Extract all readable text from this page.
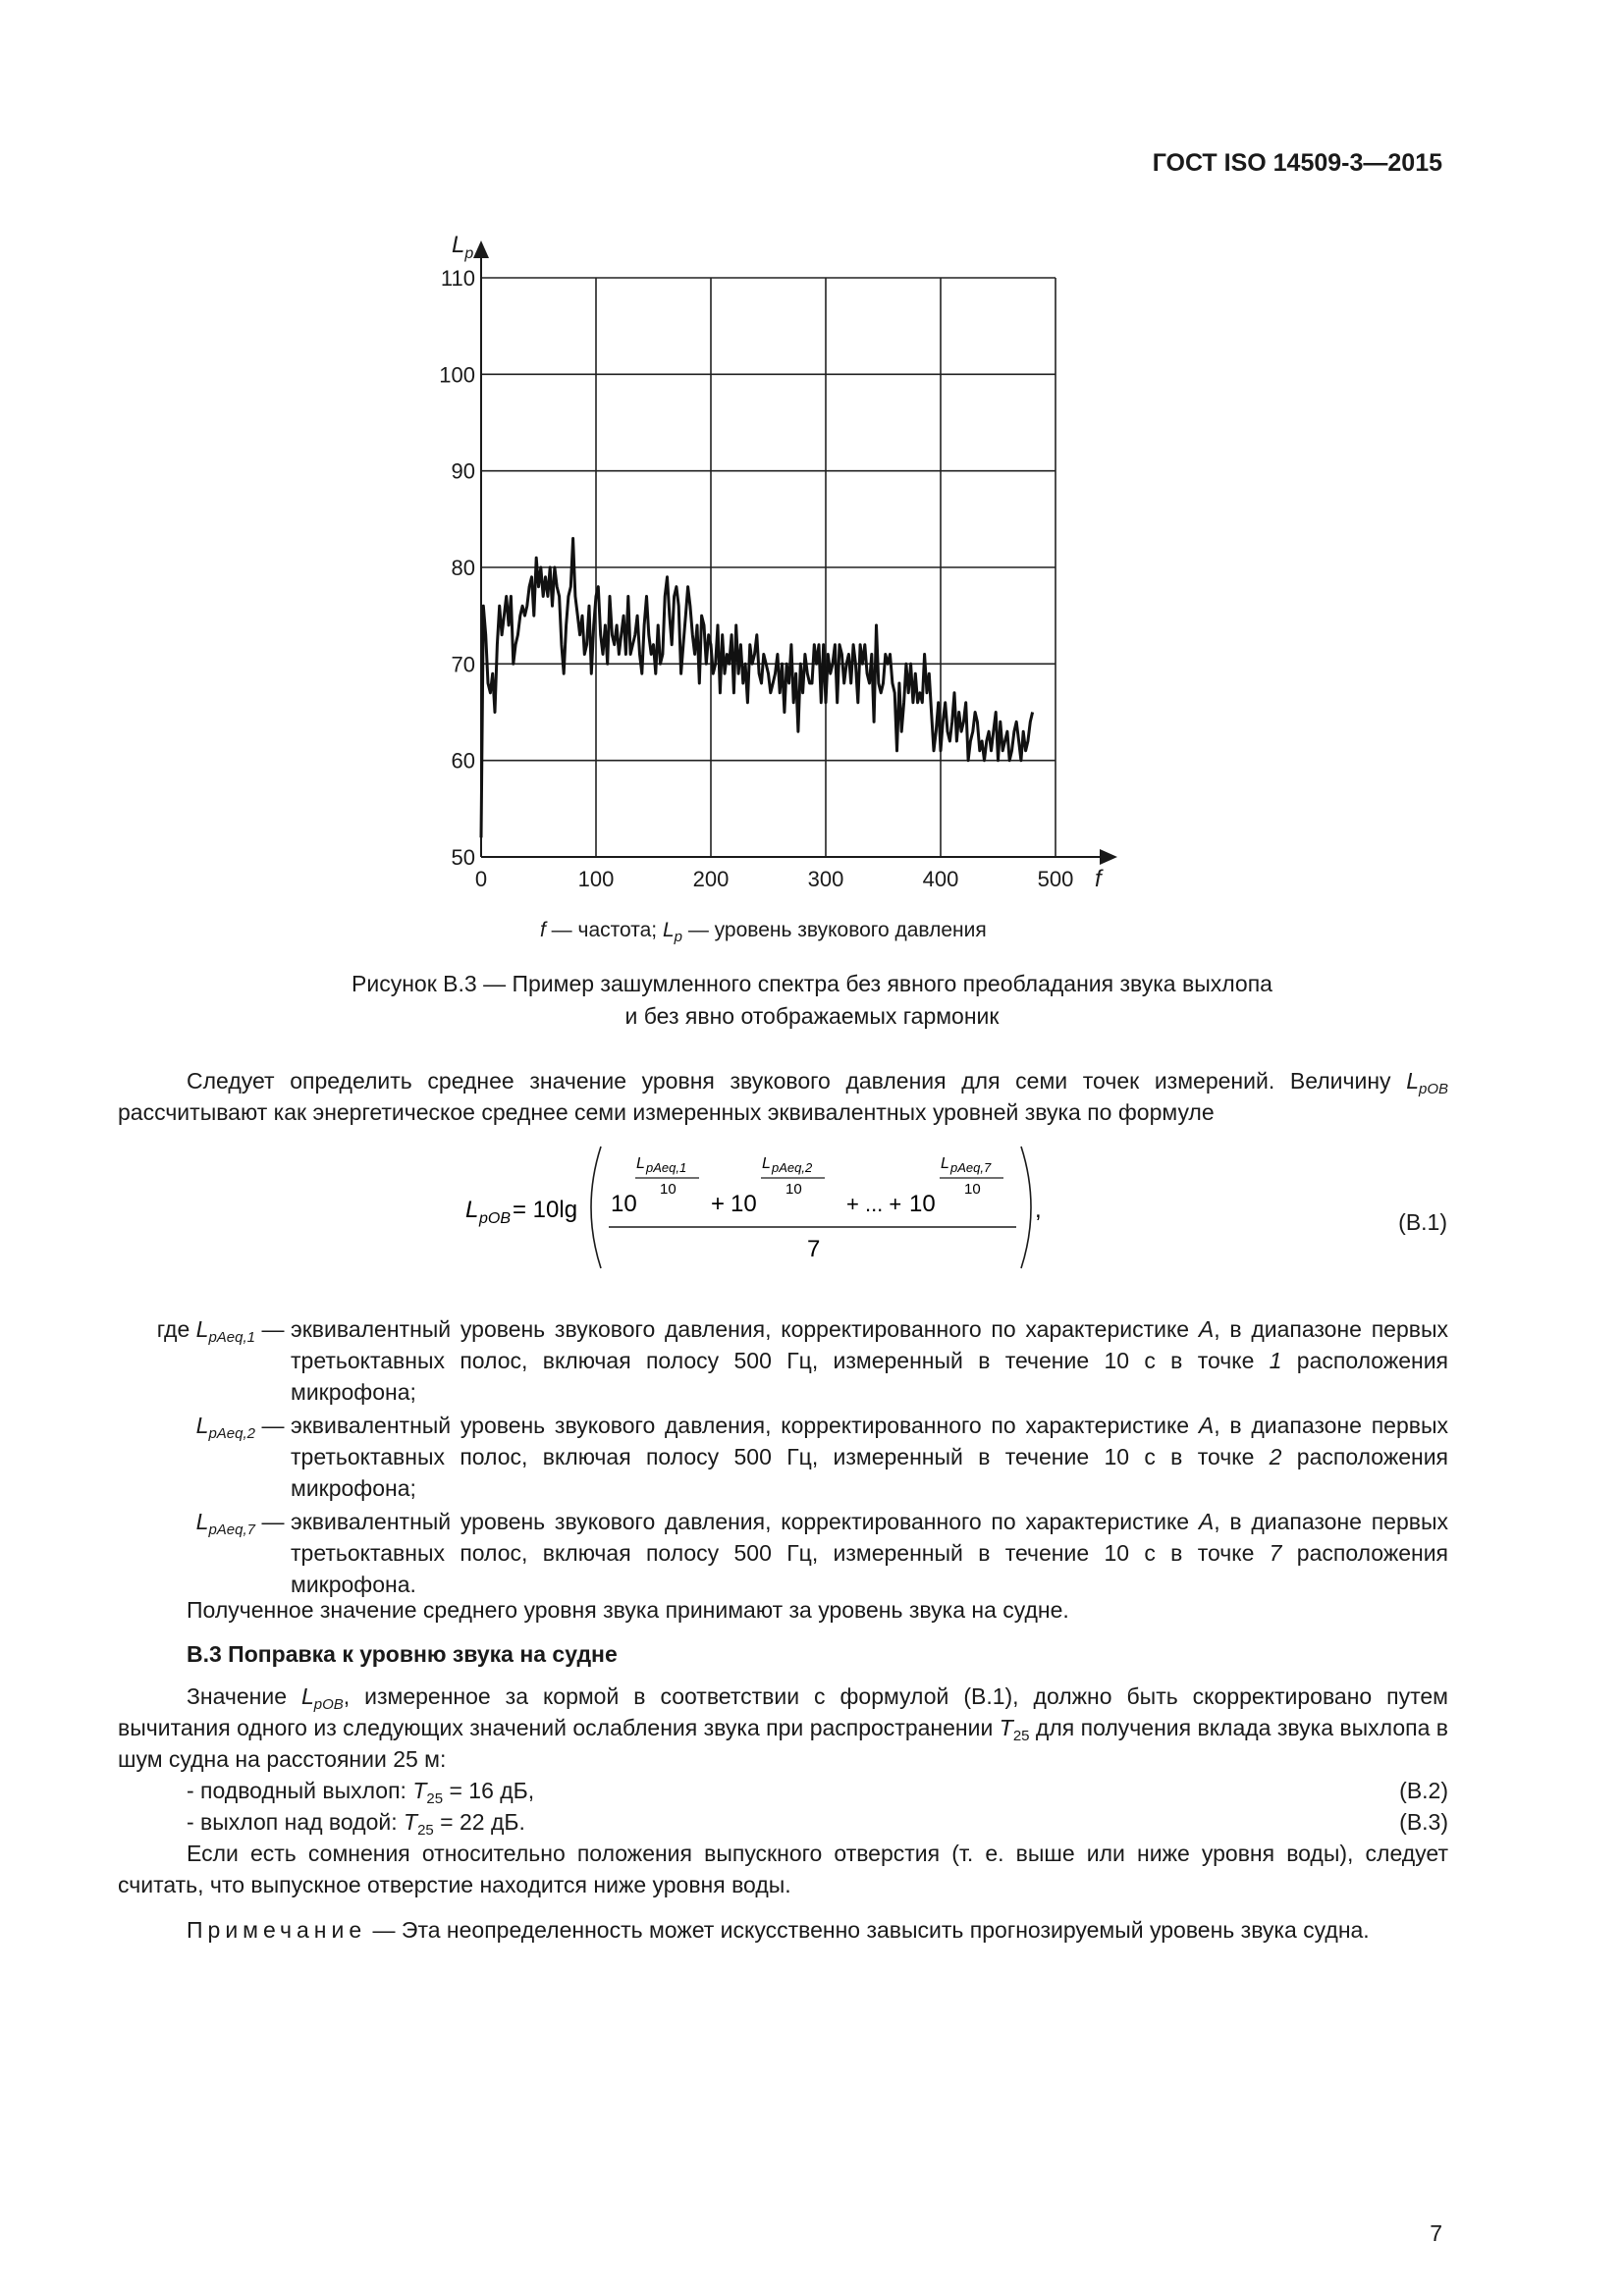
ГОСТ ISO 14509-3—2015
50
60
70
80
90
100
110
0	100	200	300	400	500
$L_p$
f
f — частота; $L_p$ — уровень звукового давления
Рисунок В.3 — Пример зашумленного спектра без явного преобладания звука выхлопа
и без явно отображаемых гармоник
Следует определить среднее значение уровня звукового давления для семи точек измерений. Величину $L_{pOB}$ рассчитывают как энергетическое среднее семи измеренных эквивалентных уровней звука по формуле
L pOB = 10lg 10
L pAeq,1
10
+ 10
L pAeq,2
10
+ ... + 10
L pAeq,7
10
7
,	(В.1)
где $L_{pAeq,1}$ — эквивалентный уровень звукового давления, корректированного по характеристике A, в диапазоне первых третьоктавных полос, включая полосу 500 Гц, измеренный в течение 10 с в точке 1 расположения микрофона;
$L_{pAeq,2}$ — эквивалентный уровень звукового давления, корректированного по характеристике A, в диапазоне первых третьоктавных полос, включая полосу 500 Гц, измеренный в течение 10 с в точке 2 расположения микрофона;
$L_{pAeq,7}$ — эквивалентный уровень звукового давления, корректированного по характеристике A, в диапазоне первых третьоктавных полос, включая полосу 500 Гц, измеренный в течение 10 с в точке 7 расположения микрофона.
Полученное значение среднего уровня звука принимают за уровень звука на судне.
В.3 Поправка к уровню звука на судне
Значение $L_{pOB}$, измеренное за кормой в соответствии с формулой (В.1), должно быть скорректировано путем вычитания одного из следующих значений ослабления звука при распространении $T_{25}$ для получения вклада звука выхлопа в шум судна на расстоянии 25 м:
- подводный выхлоп: $T_{25} = 16$ дБ,	(В.2)
- выхлоп над водой: $T_{25} = 22$ дБ.	(В.3)
Если есть сомнения относительно положения выпускного отверстия (т. е. выше или ниже уровня воды), следует считать, что выпускное отверстие находится ниже уровня воды.
Примечание — Эта неопределенность может искусственно завысить прогнозируемый уровень звука судна.
7
